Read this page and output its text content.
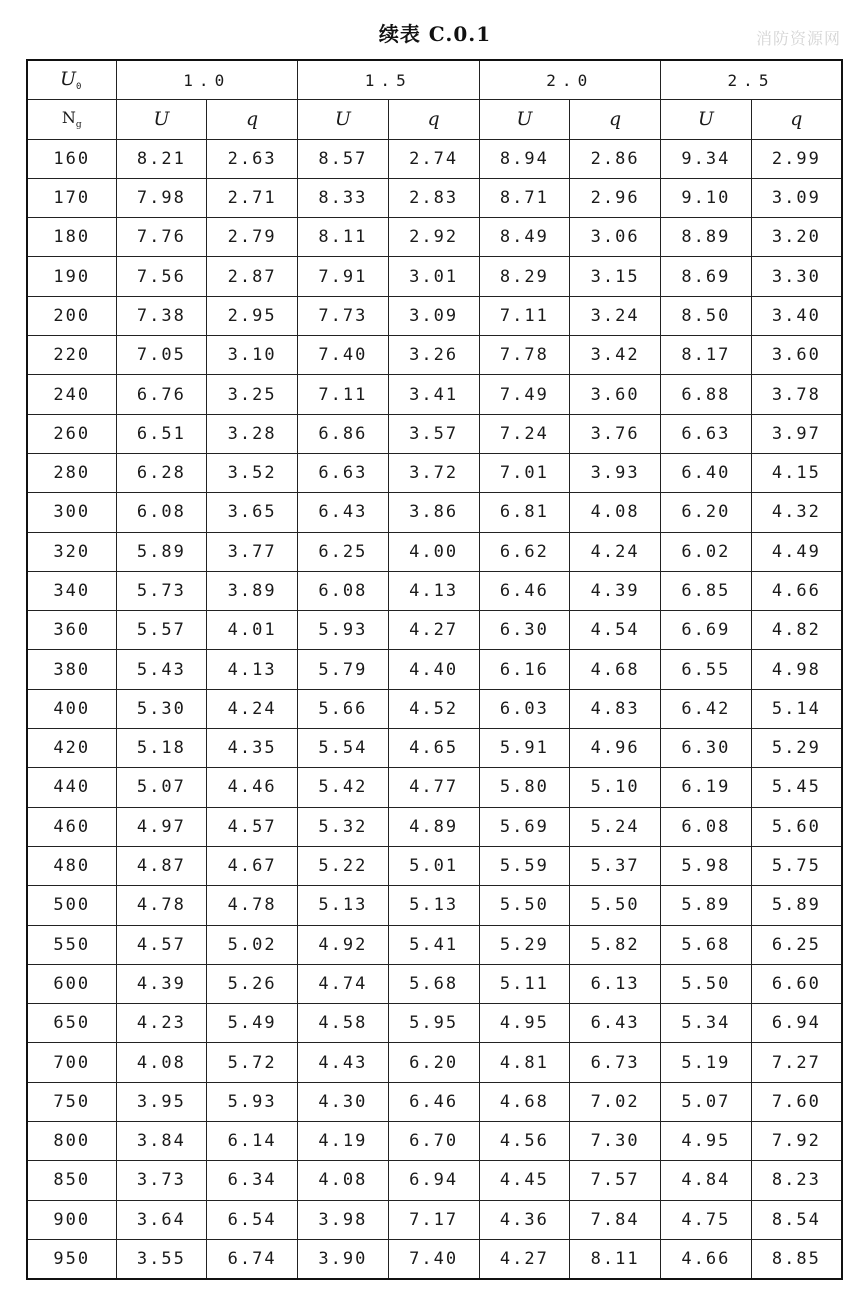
续表 C.0.1	消防资源网
$U_0$	1.0		1.5		2.0		2.5	
$N_g$	U	q	U	q	U	q	U	q
160	8.21	2.63	8.57	2.74	8.94	2.86	9.34	2.99
170	7.98	2.71	8.33	2.83	8.71	2.96	9.10	3.09
180	7.76	2.79	8.11	2.92	8.49	3.06	8.89	3.20
190	7.56	2.87	7.91	3.01	8.29	3.15	8.69	3.30
200	7.38	2.95	7.73	3.09	7.11	3.24	8.50	3.40
220	7.05	3.10	7.40	3.26	7.78	3.42	8.17	3.60
240	6.76	3.25	7.11	3.41	7.49	3.60	6.88	3.78
260	6.51	3.28	6.86	3.57	7.24	3.76	6.63	3.97
280	6.28	3.52	6.63	3.72	7.01	3.93	6.40	4.15
300	6.08	3.65	6.43	3.86	6.81	4.08	6.20	4.32
320	5.89	3.77	6.25	4.00	6.62	4.24	6.02	4.49
340	5.73	3.89	6.08	4.13	6.46	4.39	6.85	4.66
360	5.57	4.01	5.93	4.27	6.30	4.54	6.69	4.82
380	5.43	4.13	5.79	4.40	6.16	4.68	6.55	4.98
400	5.30	4.24	5.66	4.52	6.03	4.83	6.42	5.14
420	5.18	4.35	5.54	4.65	5.91	4.96	6.30	5.29
440	5.07	4.46	5.42	4.77	5.80	5.10	6.19	5.45
460	4.97	4.57	5.32	4.89	5.69	5.24	6.08	5.60
480	4.87	4.67	5.22	5.01	5.59	5.37	5.98	5.75
500	4.78	4.78	5.13	5.13	5.50	5.50	5.89	5.89
550	4.57	5.02	4.92	5.41	5.29	5.82	5.68	6.25
600	4.39	5.26	4.74	5.68	5.11	6.13	5.50	6.60
650	4.23	5.49	4.58	5.95	4.95	6.43	5.34	6.94
700	4.08	5.72	4.43	6.20	4.81	6.73	5.19	7.27
750	3.95	5.93	4.30	6.46	4.68	7.02	5.07	7.60
800	3.84	6.14	4.19	6.70	4.56	7.30	4.95	7.92
850	3.73	6.34	4.08	6.94	4.45	7.57	4.84	8.23
900	3.64	6.54	3.98	7.17	4.36	7.84	4.75	8.54
950	3.55	6.74	3.90	7.40	4.27	8.11	4.66	8.85
